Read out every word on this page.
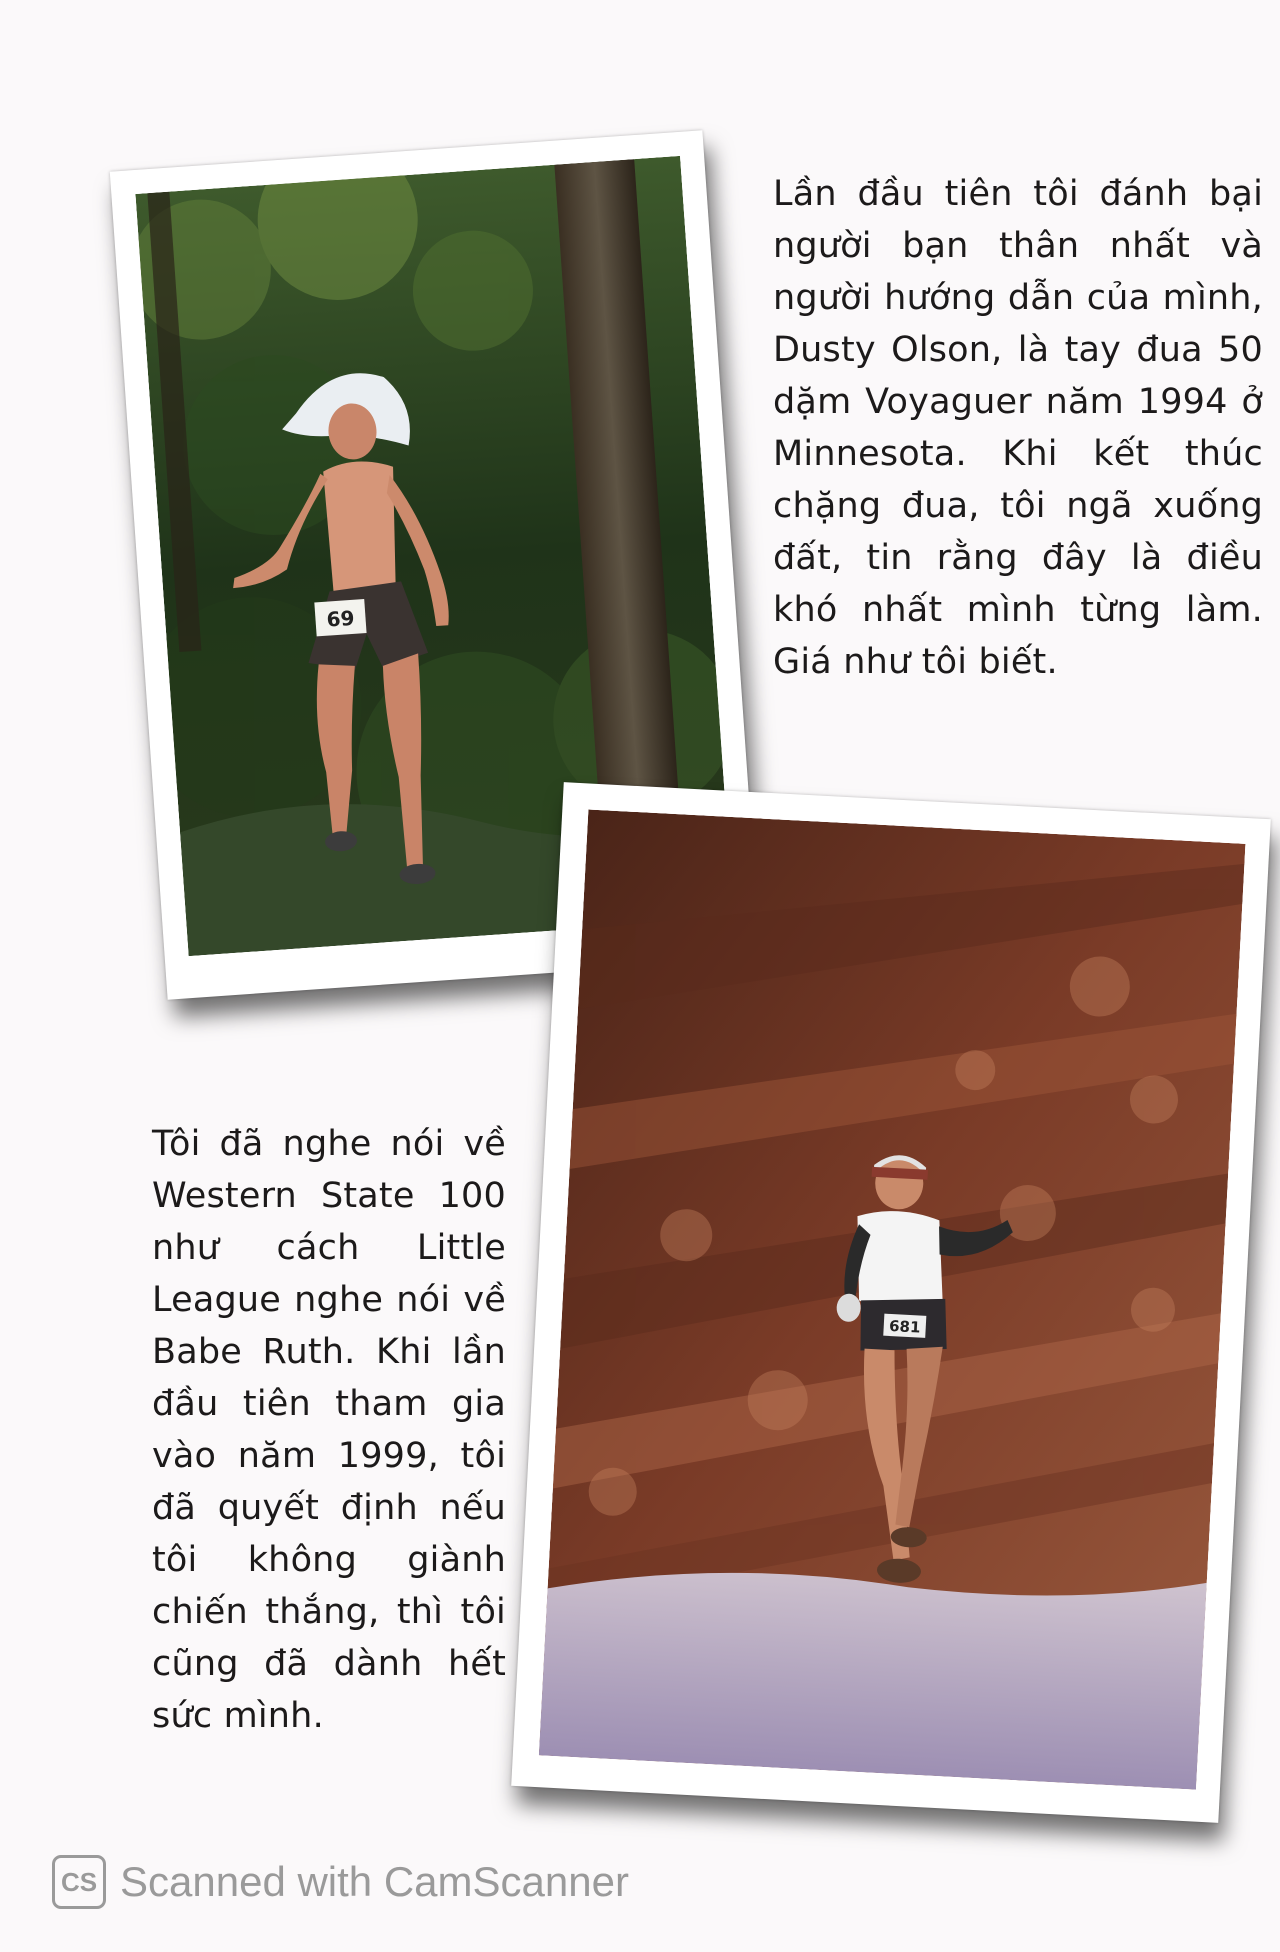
69
Lần đầu tiên tôi đánh bại người bạn thân nhất và người hướng dẫn của mình, Dusty Olson, là tay đua 50 dặm Voyaguer năm 1994 ở Minnesota. Khi kết thúc chặng đua, tôi ngã xuống đất, tin rằng đây là điều khó nhất mình từng làm. Giá như tôi biết.
681
Tôi đã nghe nói về Western State 100 như cách Little League nghe nói về Babe Ruth. Khi lần đầu tiên tham gia vào năm 1999, tôi đã quyết định nếu tôi không giành chiến thắng, thì tôi cũng đã dành hết sức mình.
CS Scanned with CamScanner
